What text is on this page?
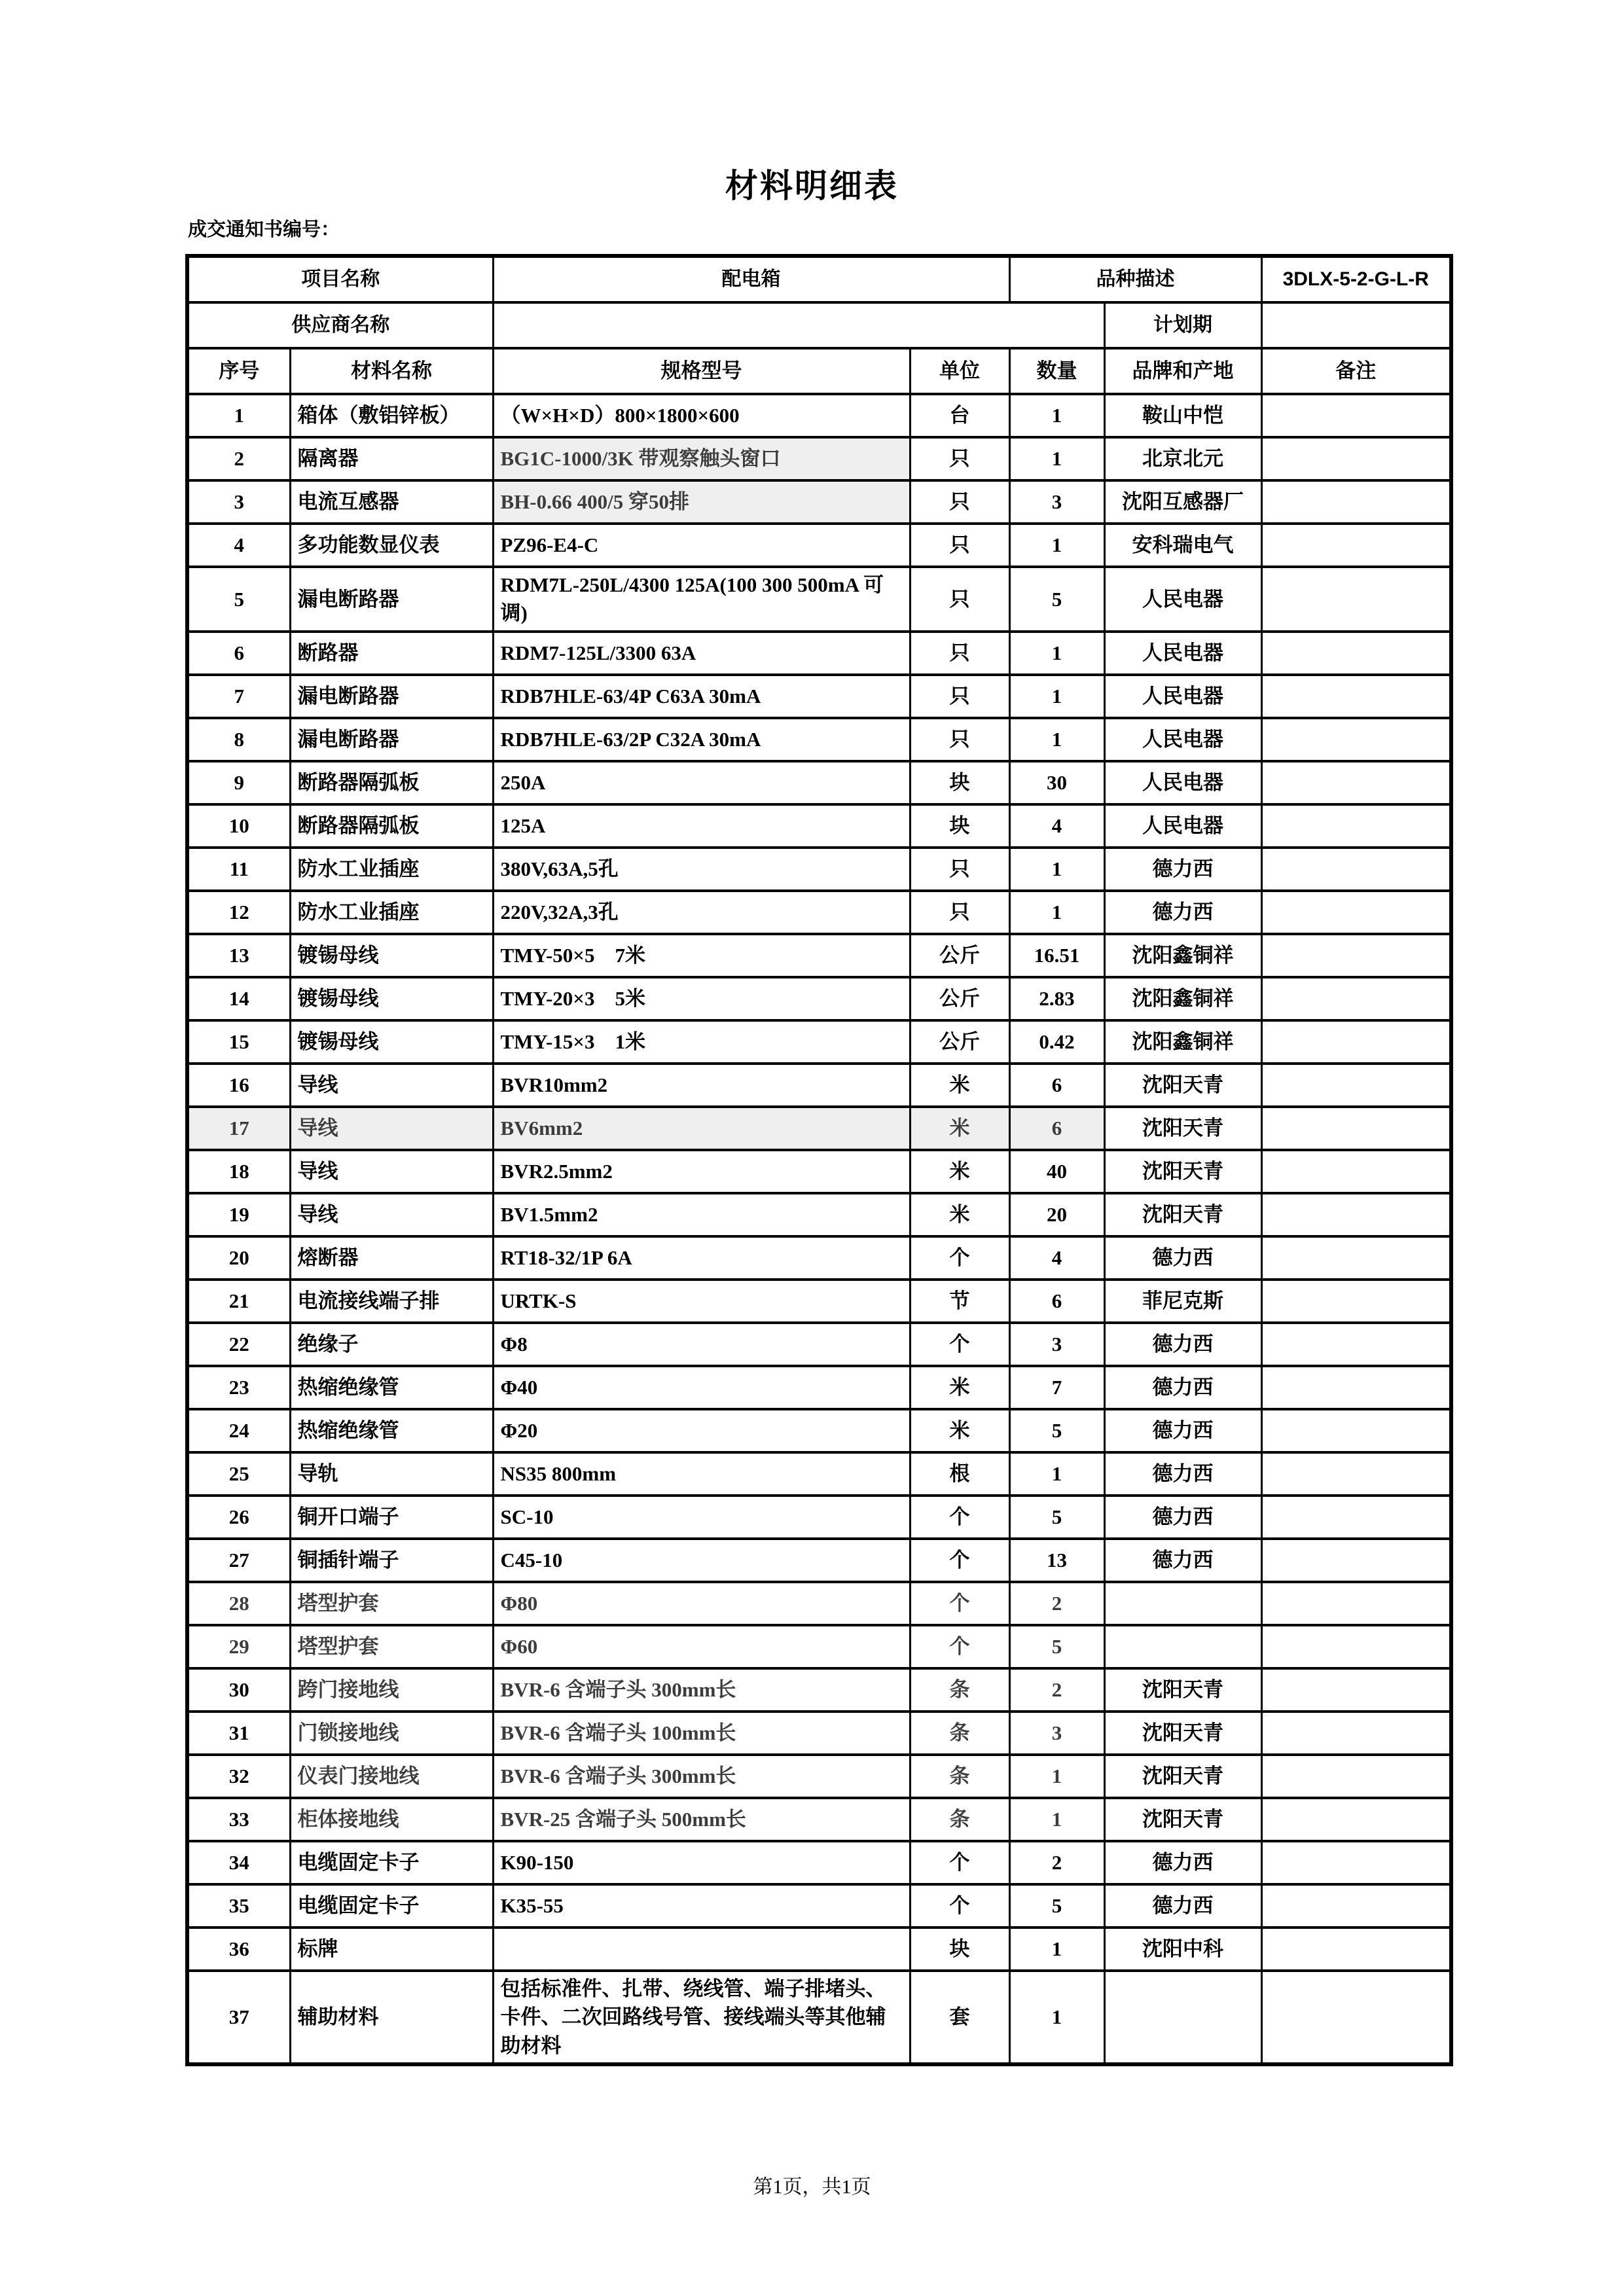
材料明细表
成交通知书编号：
项目名称		配电箱		品种描述		3DLX-5-2-G-L-R
供应商名称					计划期	
序号	材料名称	规格型号	单位	数量	品牌和产地	备注
1	箱体（敷铝锌板）	（W×H×D）800×1800×600	台	1	鞍山中恺	
2	隔离器	BG1C-1000/3K 带观察触头窗口	只	1	北京北元	
3	电流互感器	BH-0.66 400/5 穿50排	只	3	沈阳互感器厂	
4	多功能数显仪表	PZ96-E4-C	只	1	安科瑞电气	
5	漏电断路器	RDM7L-250L/4300 125A(100 300 500mA 可调)	只	5	人民电器	
6	断路器	RDM7-125L/3300 63A	只	1	人民电器	
7	漏电断路器	RDB7HLE-63/4P C63A 30mA	只	1	人民电器	
8	漏电断路器	RDB7HLE-63/2P C32A 30mA	只	1	人民电器	
9	断路器隔弧板	250A	块	30	人民电器	
10	断路器隔弧板	125A	块	4	人民电器	
11	防水工业插座	380V,63A,5孔	只	1	德力西	
12	防水工业插座	220V,32A,3孔	只	1	德力西	
13	镀锡母线	TMY-50×5    7米	公斤	16.51	沈阳鑫铜祥	
14	镀锡母线	TMY-20×3    5米	公斤	2.83	沈阳鑫铜祥	
15	镀锡母线	TMY-15×3    1米	公斤	0.42	沈阳鑫铜祥	
16	导线	BVR10mm2	米	6	沈阳天青	
17	导线	BV6mm2	米	6	沈阳天青	
18	导线	BVR2.5mm2	米	40	沈阳天青	
19	导线	BV1.5mm2	米	20	沈阳天青	
20	熔断器	RT18-32/1P 6A	个	4	德力西	
21	电流接线端子排	URTK-S	节	6	菲尼克斯	
22	绝缘子	Φ8	个	3	德力西	
23	热缩绝缘管	Φ40	米	7	德力西	
24	热缩绝缘管	Φ20	米	5	德力西	
25	导轨	NS35 800mm	根	1	德力西	
26	铜开口端子	SC-10	个	5	德力西	
27	铜插针端子	C45-10	个	13	德力西	
28	塔型护套	Φ80	个	2		
29	塔型护套	Φ60	个	5		
30	跨门接地线	BVR-6 含端子头 300mm长	条	2	沈阳天青	
31	门锁接地线	BVR-6 含端子头 100mm长	条	3	沈阳天青	
32	仪表门接地线	BVR-6 含端子头 300mm长	条	1	沈阳天青	
33	柜体接地线	BVR-25 含端子头 500mm长	条	1	沈阳天青	
34	电缆固定卡子	K90-150	个	2	德力西	
35	电缆固定卡子	K35-55	个	5	德力西	
36	标牌		块	1	沈阳中科	
37	辅助材料	包括标准件、扎带、绕线管、端子排堵头、卡件、二次回路线号管、接线端头等其他辅助材料	套	1		
第1页，共1页
